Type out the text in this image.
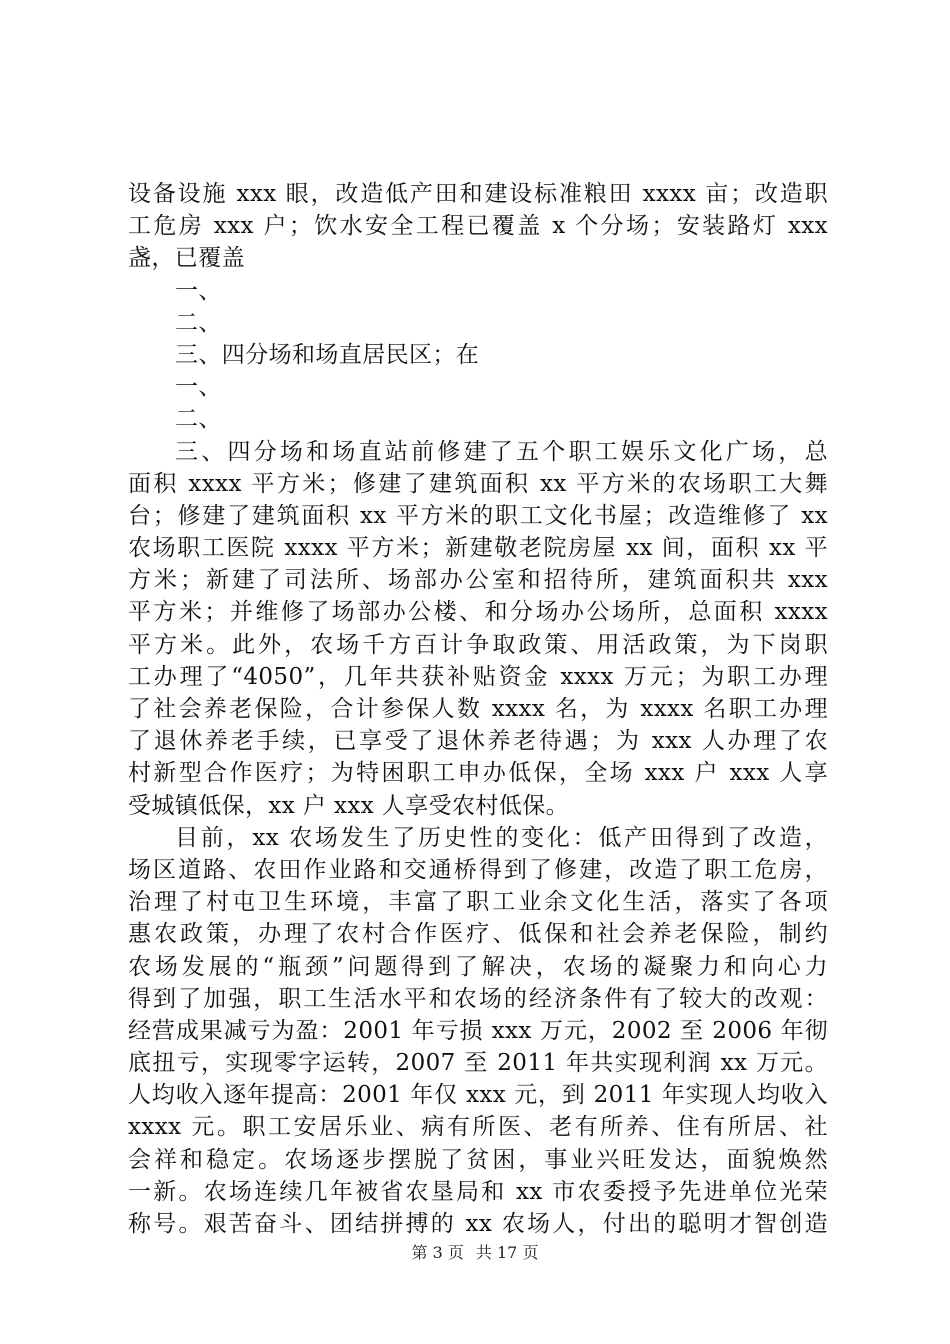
设备设施 xxx 眼，改造低产田和建设标准粮田 xxxx 亩；改造职
工危房 xxx 户；饮水安全工程已覆盖 x 个分场；安装路灯 xxx
盏，已覆盖
一、
二、
三、四分场和场直居民区；在
一、
二、
三、四分场和场直站前修建了五个职工娱乐文化广场，总
面积 xxxx 平方米；修建了建筑面积 xx 平方米的农场职工大舞
台；修建了建筑面积 xx 平方米的职工文化书屋；改造维修了 xx
农场职工医院 xxxx 平方米；新建敬老院房屋 xx 间，面积 xx 平
方米；新建了司法所、场部办公室和招待所，建筑面积共 xxx
平方米；并维修了场部办公楼、和分场办公场所，总面积 xxxx
平方米。此外，农场千方百计争取政策、用活政策，为下岗职
工办理了“4050”，几年共获补贴资金 xxxx 万元；为职工办理
了社会养老保险，合计参保人数 xxxx 名，为 xxxx 名职工办理
了退休养老手续，已享受了退休养老待遇；为 xxx 人办理了农
村新型合作医疗；为特困职工申办低保，全场 xxx 户 xxx 人享
受城镇低保，xx 户 xxx 人享受农村低保。
目前，xx 农场发生了历史性的变化：低产田得到了改造，
场区道路、农田作业路和交通桥得到了修建，改造了职工危房，
治理了村屯卫生环境，丰富了职工业余文化生活，落实了各项
惠农政策，办理了农村合作医疗、低保和社会养老保险，制约
农场发展的“瓶颈”问题得到了解决，农场的凝聚力和向心力
得到了加强，职工生活水平和农场的经济条件有了较大的改观：
经营成果减亏为盈：2001 年亏损 xxx 万元，2002 至 2006 年彻
底扭亏，实现零字运转，2007 至 2011 年共实现利润 xx 万元。
人均收入逐年提高：2001 年仅 xxx 元，到 2011 年实现人均收入
xxxx 元。职工安居乐业、病有所医、老有所养、住有所居、社
会祥和稳定。农场逐步摆脱了贫困，事业兴旺发达，面貌焕然
一新。农场连续几年被省农垦局和 xx 市农委授予先进单位光荣
称号。艰苦奋斗、团结拼搏的 xx 农场人，付出的聪明才智创造
第 3 页 共 17 页
